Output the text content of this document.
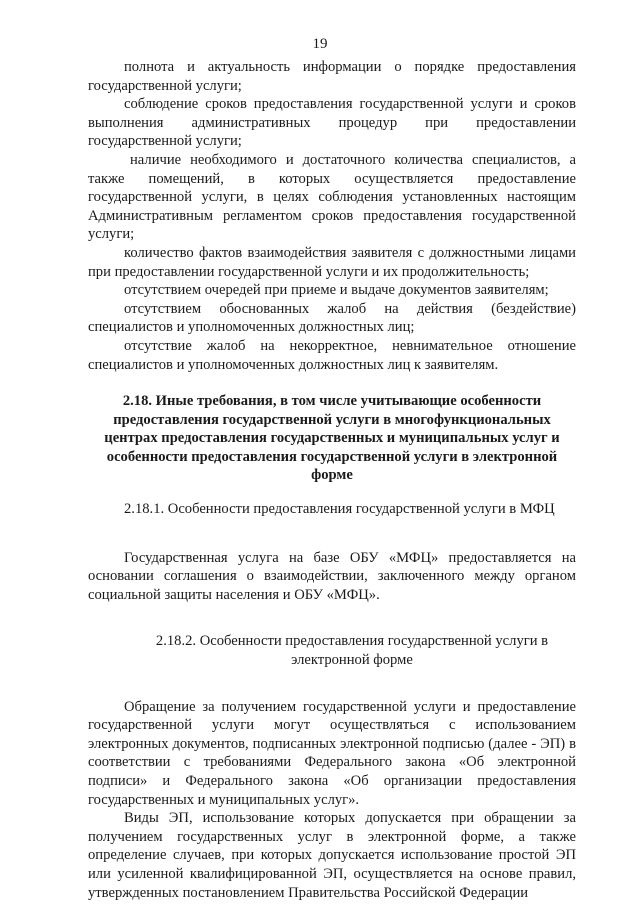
19

полнота и актуальность информации о порядке предоставления государственной услуги;

соблюдение сроков предоставления государственной услуги и сроков выполнения административных процедур при предоставлении государственной услуги;

наличие необходимого и достаточного количества специалистов, а также помещений, в которых осуществляется предоставление государственной услуги, в целях соблюдения установленных настоящим Административным регламентом сроков предоставления государственной услуги;

количество фактов взаимодействия заявителя с должностными лицами при предоставлении государственной услуги и их продолжительность;

отсутствием очередей при приеме и выдаче документов заявителям;

отсутствием обоснованных жалоб на действия (бездействие) специалистов и уполномоченных должностных лиц;

отсутствие жалоб на некорректное, невнимательное отношение специалистов и уполномоченных должностных лиц к заявителям.

2.18. Иные требования, в том числе учитывающие особенности предоставления государственной услуги в многофункциональных центрах предоставления государственных и муниципальных услуг и особенности предоставления государственной услуги в электронной форме

2.18.1. Особенности предоставления государственной услуги в МФЦ

Государственная услуга на базе ОБУ «МФЦ» предоставляется на основании соглашения о взаимодействии, заключенного между органом социальной защиты населения и ОБУ «МФЦ».

2.18.2. Особенности предоставления государственной услуги в электронной форме

Обращение за получением государственной услуги и предоставление государственной услуги могут осуществляться с использованием электронных документов, подписанных электронной подписью (далее - ЭП) в соответствии с требованиями Федерального закона «Об электронной подписи» и Федерального закона «Об организации предоставления государственных и муниципальных услуг».

Виды ЭП, использование которых допускается при обращении за получением государственных услуг в электронной форме, а также определение случаев, при которых допускается использование простой ЭП или усиленной квалифицированной ЭП, осуществляется на основе правил, утвержденных постановлением Правительства Российской Федерации
